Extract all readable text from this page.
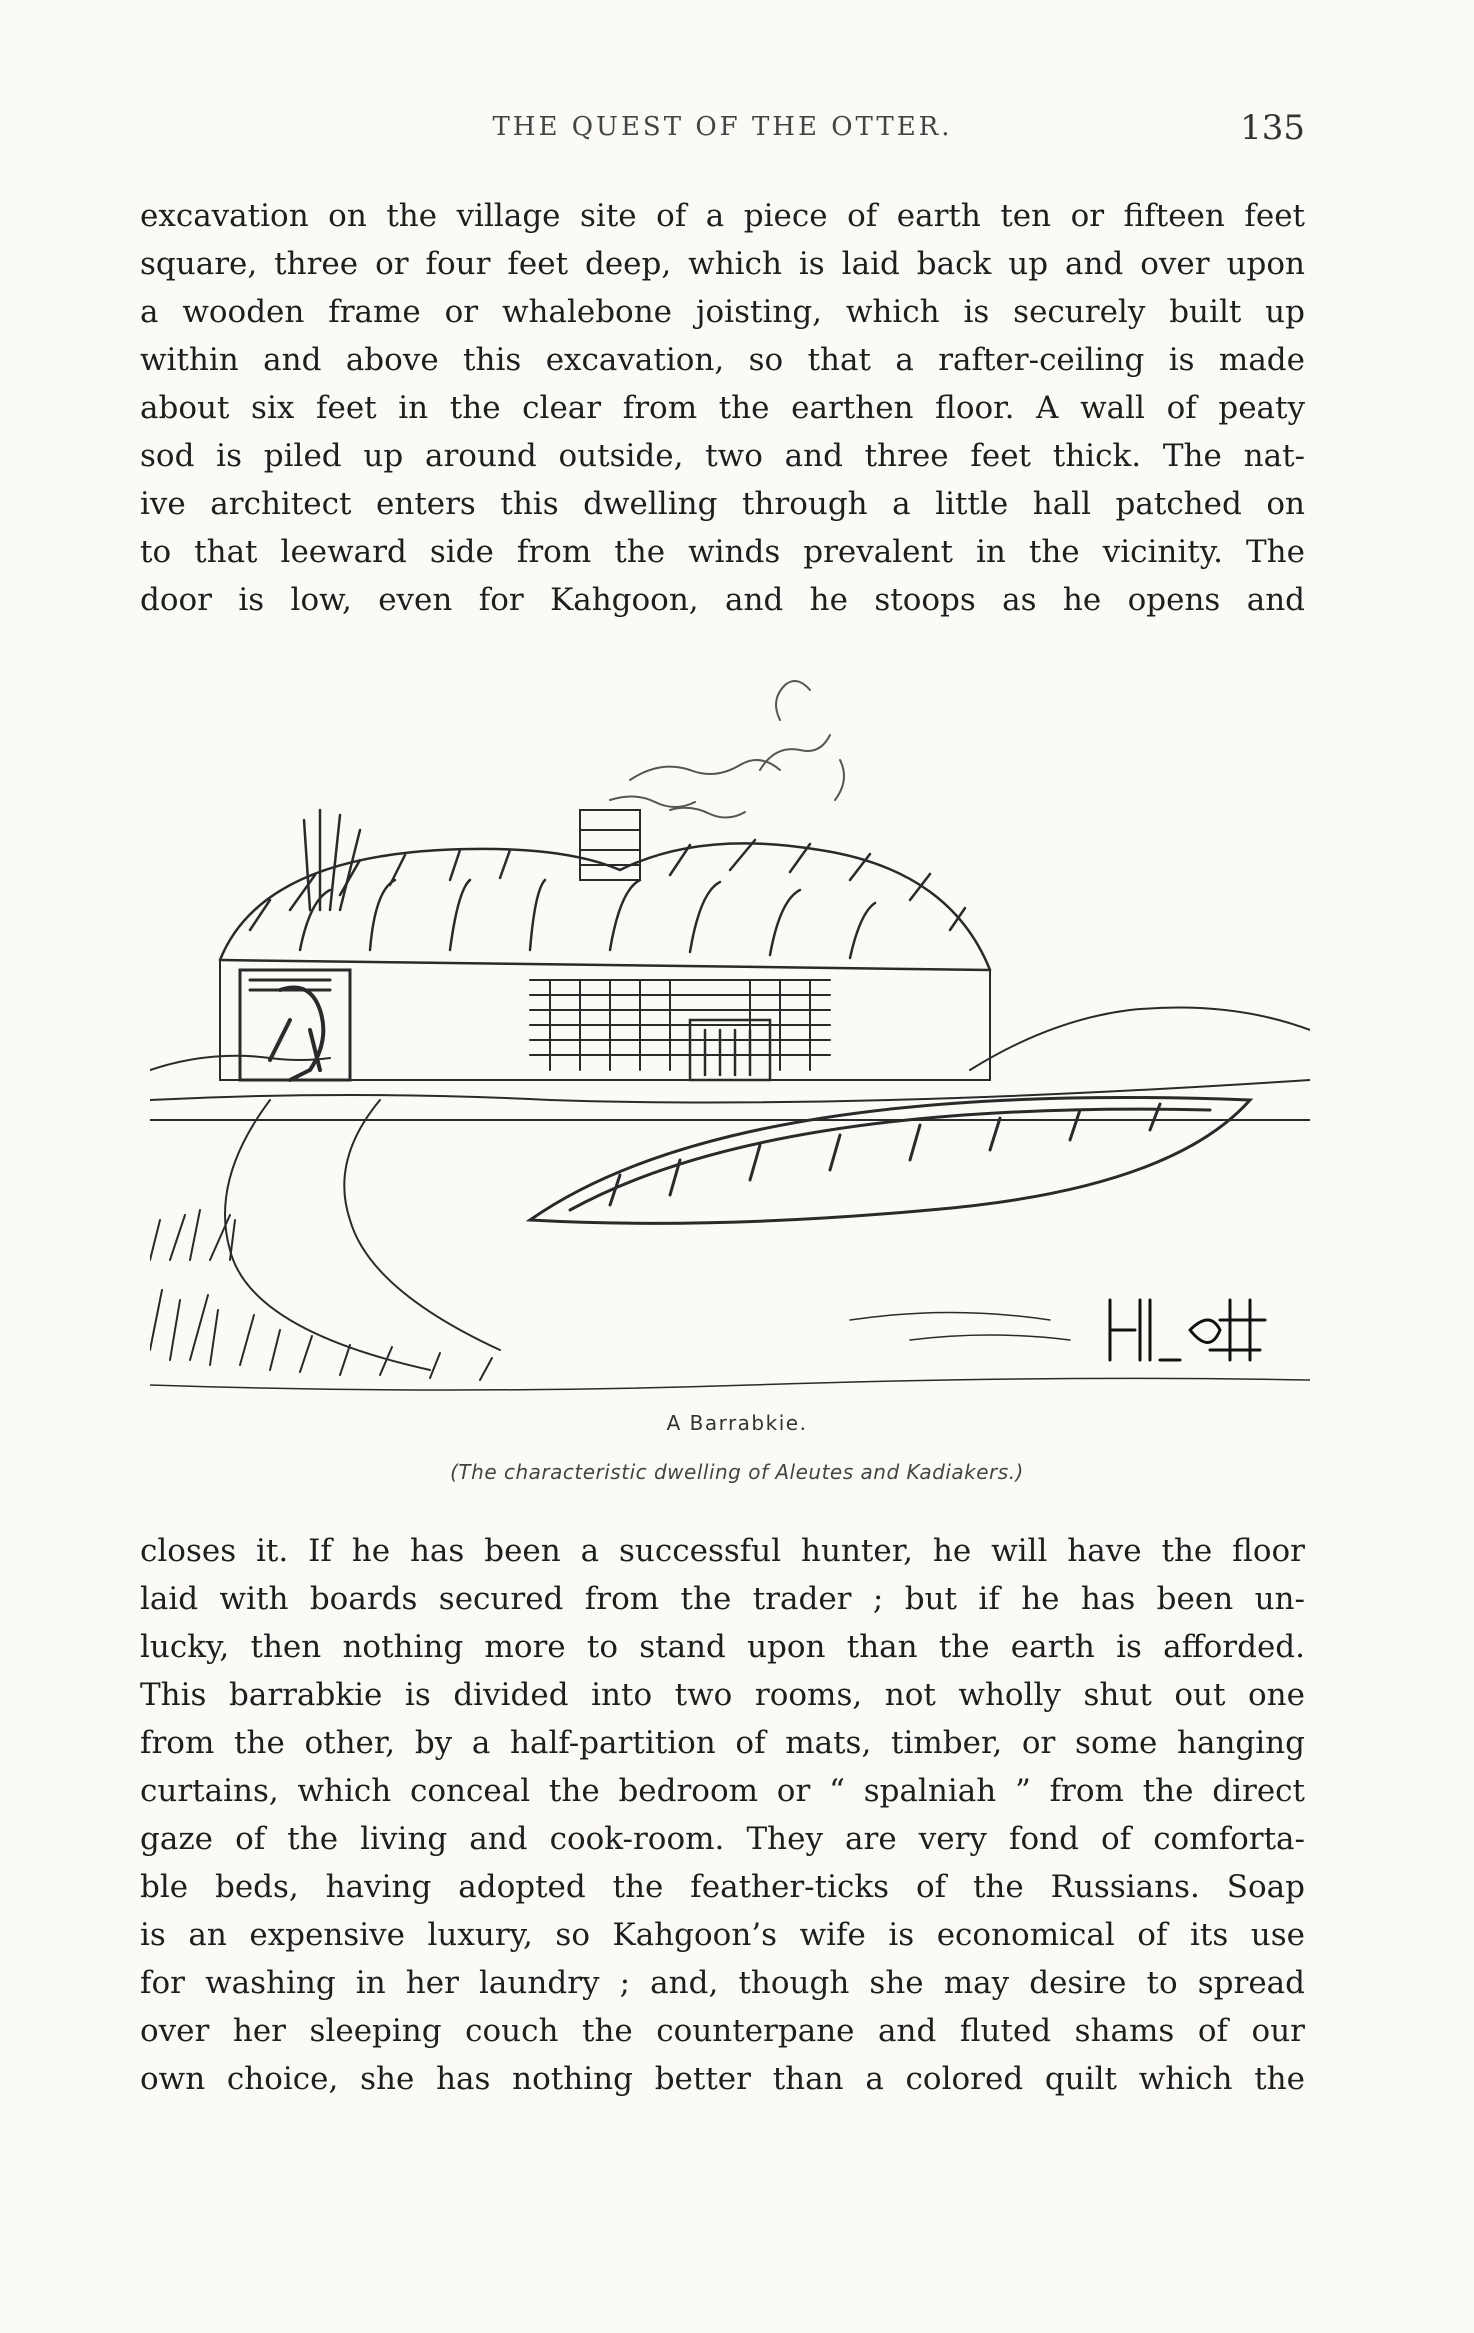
THE QUEST OF THE OTTER.	135

excavation on the village site of a piece of earth ten or fifteen feet
square, three or four feet deep, which is laid back up and over upon
a wooden frame or whalebone joisting, which is securely built up
within and above this excavation, so that a rafter-ceiling is made
about six feet in the clear from the earthen floor. A wall of peaty
sod is piled up around outside, two and three feet thick. The nat-
ive architect enters this dwelling through a little hall patched on
to that leeward side from the winds prevalent in the vicinity. The
door is low, even for Kahgoon, and he stoops as he opens and

A Barrabkie.
(The characteristic dwelling of Aleutes and Kadiakers.)

closes it. If he has been a successful hunter, he will have the floor
laid with boards secured from the trader ; but if he has been un-
lucky, then nothing more to stand upon than the earth is afforded.
This barrabkie is divided into two rooms, not wholly shut out one
from the other, by a half-partition of mats, timber, or some hanging
curtains, which conceal the bedroom or “ spalniah ” from the direct
gaze of the living and cook-room. They are very fond of comforta-
ble beds, having adopted the feather-ticks of the Russians. Soap
is an expensive luxury, so Kahgoon’s wife is economical of its use
for washing in her laundry ; and, though she may desire to spread
over her sleeping couch the counterpane and fluted shams of our
own choice, she has nothing better than a colored quilt which the
